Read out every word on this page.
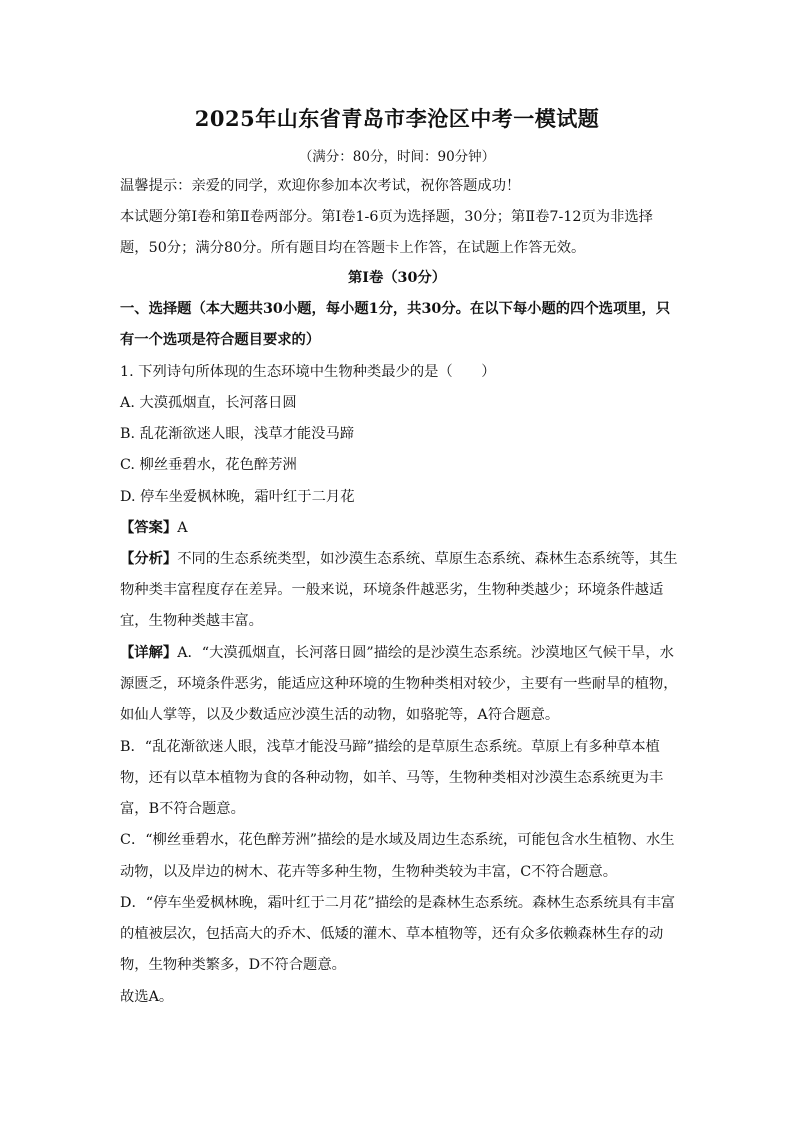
2025年山东省青岛市李沧区中考一模试题
（满分：80分，时间：90分钟）
温馨提示：亲爱的同学，欢迎你参加本次考试，祝你答题成功！
本试题分第Ⅰ卷和第Ⅱ卷两部分。第Ⅰ卷1-6页为选择题，30分；第Ⅱ卷7-12页为非选择
题，50分；满分80分。所有题目均在答题卡上作答，在试题上作答无效。
第Ⅰ卷（30分）
一、选择题（本大题共30小题，每小题1分，共30分。在以下每小题的四个选项里，只
有一个选项是符合题目要求的）
1. 下列诗句所体现的生态环境中生物种类最少的是（　　）
A. 大漠孤烟直，长河落日圆
B. 乱花渐欲迷人眼，浅草才能没马蹄
C. 柳丝垂碧水，花色醉芳洲
D. 停车坐爱枫林晚，霜叶红于二月花
【答案】A
【分析】不同的生态系统类型，如沙漠生态系统、草原生态系统、森林生态系统等，其生
物种类丰富程度存在差异。一般来说，环境条件越恶劣，生物种类越少；环境条件越适
宜，生物种类越丰富。
【详解】A．“大漠孤烟直，长河落日圆”描绘的是沙漠生态系统。沙漠地区气候干旱，水
源匮乏，环境条件恶劣，能适应这种环境的生物种类相对较少，主要有一些耐旱的植物，
如仙人掌等，以及少数适应沙漠生活的动物，如骆驼等，A符合题意。
B．“乱花渐欲迷人眼，浅草才能没马蹄”描绘的是草原生态系统。草原上有多种草本植
物，还有以草本植物为食的各种动物，如羊、马等，生物种类相对沙漠生态系统更为丰
富，B不符合题意。
C．“柳丝垂碧水，花色醉芳洲”描绘的是水域及周边生态系统，可能包含水生植物、水生
动物，以及岸边的树木、花卉等多种生物，生物种类较为丰富，C不符合题意。
D．“停车坐爱枫林晚，霜叶红于二月花”描绘的是森林生态系统。森林生态系统具有丰富
的植被层次，包括高大的乔木、低矮的灌木、草本植物等，还有众多依赖森林生存的动
物，生物种类繁多，D不符合题意。
故选A。
